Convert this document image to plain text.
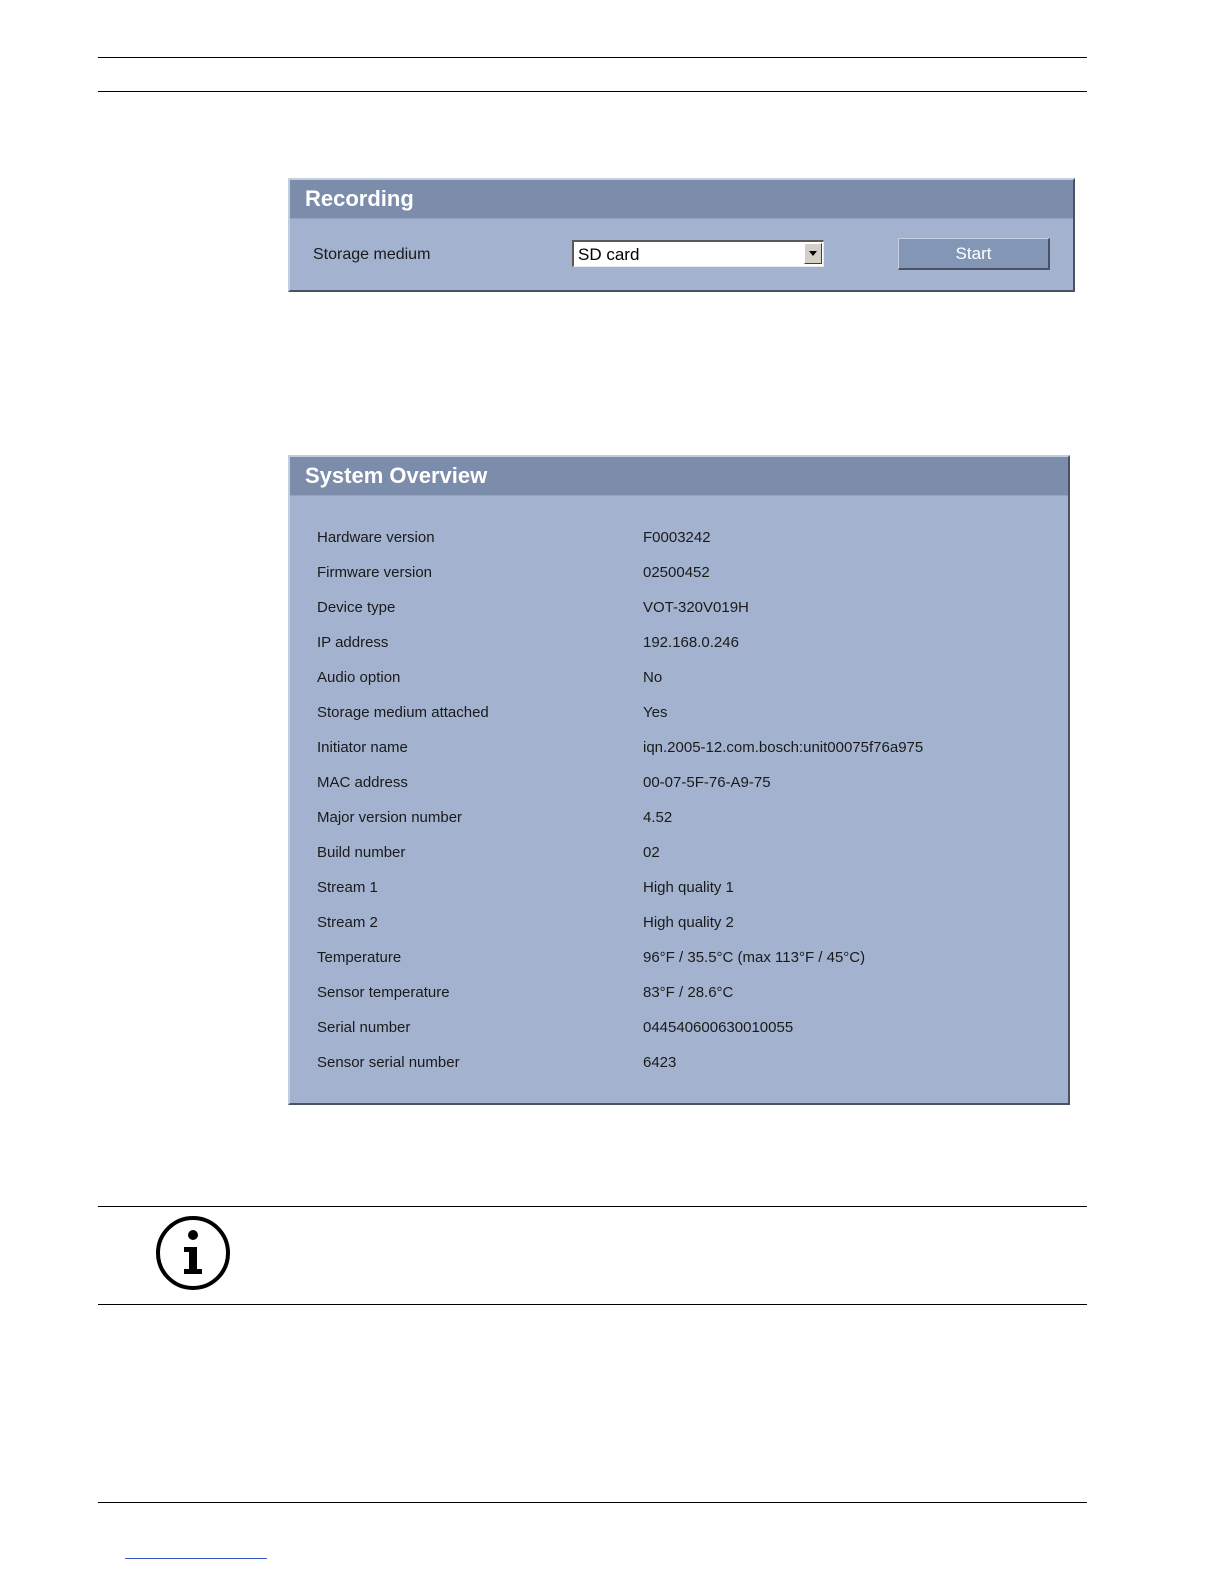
Recording
Storage medium	SD card	Start
System Overview
Hardware version	F0003242
Firmware version	02500452
Device type	VOT-320V019H
IP address	192.168.0.246
Audio option	No
Storage medium attached	Yes
Initiator name	iqn.2005-12.com.bosch:unit00075f76a975
MAC address	00-07-5F-76-A9-75
Major version number	4.52
Build number	02
Stream 1	High quality 1
Stream 2	High quality 2
Temperature	96°F / 35.5°C (max 113°F / 45°C)
Sensor temperature	83°F / 28.6°C
Serial number	044540600630010055
Sensor serial number	6423
